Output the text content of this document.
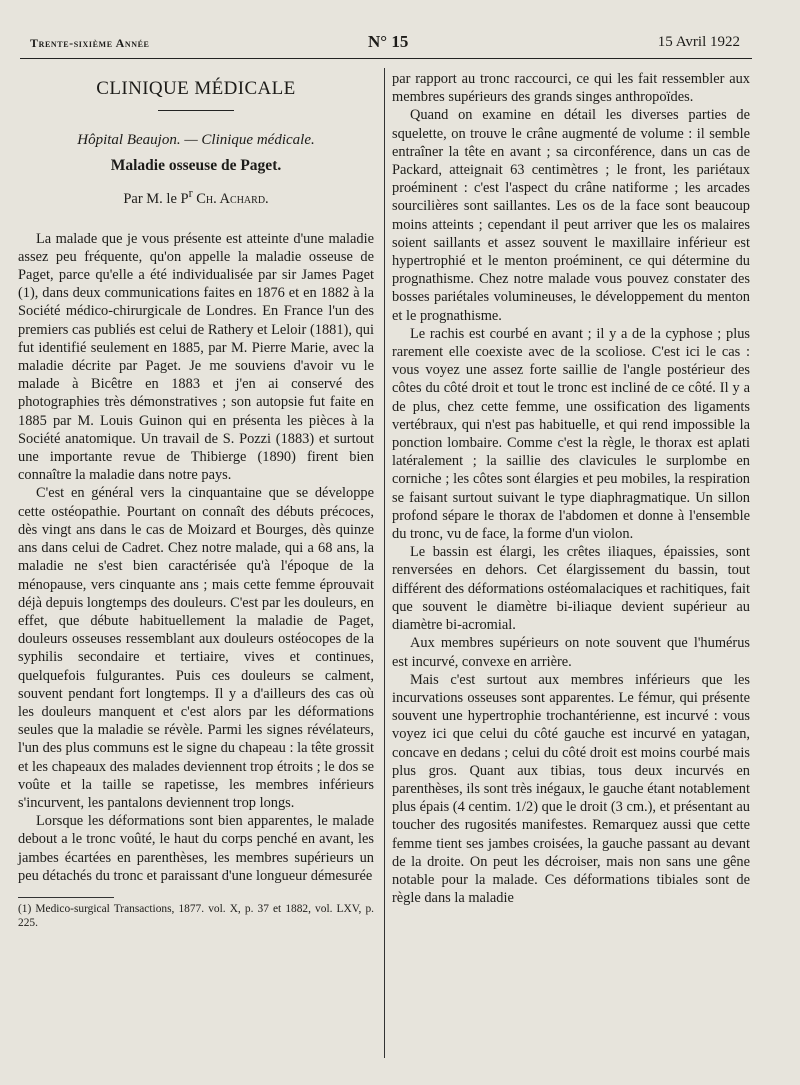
Trente-sixième Année	N° 15	15 Avril 1922
CLINIQUE MÉDICALE
Hôpital Beaujon. — Clinique médicale.
Maladie osseuse de Paget.
Par M. le $P^r$ Ch. Achard.

La malade que je vous présente est atteinte d'une maladie assez peu fréquente, qu'on appelle la maladie osseuse de Paget, parce qu'elle a été individualisée par sir James Paget (1), dans deux communications faites en 1876 et en 1882 à la Société médico-chirurgicale de Londres. En France l'un des premiers cas publiés est celui de Rathery et Leloir (1881), qui fut identifié seulement en 1885, par M. Pierre Marie, avec la maladie décrite par Paget. Je me souviens d'avoir vu le malade à Bicêtre en 1883 et j'en ai conservé des photographies très démonstratives ; son autopsie fut faite en 1885 par M. Louis Guinon qui en présenta les pièces à la Société anatomique. Un travail de S. Pozzi (1883) et surtout une importante revue de Thibierge (1890) firent bien connaître la maladie dans notre pays.

C'est en général vers la cinquantaine que se développe cette ostéopathie. Pourtant on connaît des débuts précoces, dès vingt ans dans le cas de Moizard et Bourges, dès quinze ans dans celui de Cadret. Chez notre malade, qui a 68 ans, la maladie ne s'est bien caractérisée qu'à l'époque de la ménopause, vers cinquante ans ; mais cette femme éprouvait déjà depuis longtemps des douleurs. C'est par les douleurs, en effet, que débute habituellement la maladie de Paget, douleurs osseuses ressemblant aux douleurs ostéocopes de la syphilis secondaire et tertiaire, vives et continues, quelquefois fulgurantes. Puis ces douleurs se calment, souvent pendant fort longtemps. Il y a d'ailleurs des cas où les douleurs manquent et c'est alors par les déformations seules que la maladie se révèle. Parmi les signes révélateurs, l'un des plus communs est le signe du chapeau : la tête grossit et les chapeaux des malades deviennent trop étroits ; le dos se voûte et la taille se rapetisse, les membres inférieurs s'incurvent, les pantalons deviennent trop longs.

Lorsque les déformations sont bien apparentes, le malade debout a le tronc voûté, le haut du corps penché en avant, les jambes écartées en parenthèses, les membres supérieurs un peu détachés du tronc et paraissant d'une longueur démesurée

(1) Medico-surgical Transactions, 1877. vol. X, p. 37 et 1882, vol. LXV, p. 225.

par rapport au tronc raccourci, ce qui les fait ressembler aux membres supérieurs des grands singes anthropoïdes.

Quand on examine en détail les diverses parties de squelette, on trouve le crâne augmenté de volume : il semble entraîner la tête en avant ; sa circonférence, dans un cas de Packard, atteignait 63 centimètres ; le front, les pariétaux proéminent : c'est l'aspect du crâne natiforme ; les arcades sourcilières sont saillantes. Les os de la face sont beaucoup moins atteints ; cependant il peut arriver que les os malaires soient saillants et assez souvent le maxillaire inférieur est hypertrophié et le menton proéminent, ce qui détermine du prognathisme. Chez notre malade vous pouvez constater des bosses pariétales volumineuses, le développement du menton et le prognathisme.

Le rachis est courbé en avant ; il y a de la cyphose ; plus rarement elle coexiste avec de la scoliose. C'est ici le cas : vous voyez une assez forte saillie de l'angle postérieur des côtes du côté droit et tout le tronc est incliné de ce côté. Il y a de plus, chez cette femme, une ossification des ligaments vertébraux, qui n'est pas habituelle, et qui rend impossible la ponction lombaire. Comme c'est la règle, le thorax est aplati latéralement ; la saillie des clavicules le surplombe en corniche ; les côtes sont élargies et peu mobiles, la respiration se faisant surtout suivant le type diaphragmatique. Un sillon profond sépare le thorax de l'abdomen et donne à l'ensemble du tronc, vu de face, la forme d'un violon.

Le bassin est élargi, les crêtes iliaques, épaissies, sont renversées en dehors. Cet élargissement du bassin, tout différent des déformations ostéomalaciques et rachitiques, fait que souvent le diamètre bi-iliaque devient supérieur au diamètre bi-acromial.

Aux membres supérieurs on note souvent que l'humérus est incurvé, convexe en arrière.

Mais c'est surtout aux membres inférieurs que les incurvations osseuses sont apparentes. Le fémur, qui présente souvent une hypertrophie trochantérienne, est incurvé : vous voyez ici que celui du côté gauche est incurvé en yatagan, concave en dedans ; celui du côté droit est moins courbé mais plus gros. Quant aux tibias, tous deux incurvés en parenthèses, ils sont très inégaux, le gauche étant notablement plus épais (4 centim. 1/2) que le droit (3 cm.), et présentant au toucher des rugosités manifestes. Remarquez aussi que cette femme tient ses jambes croisées, la gauche passant au devant de la droite. On peut les décroiser, mais non sans une gêne notable pour la malade. Ces déformations tibiales sont de règle dans la maladie
